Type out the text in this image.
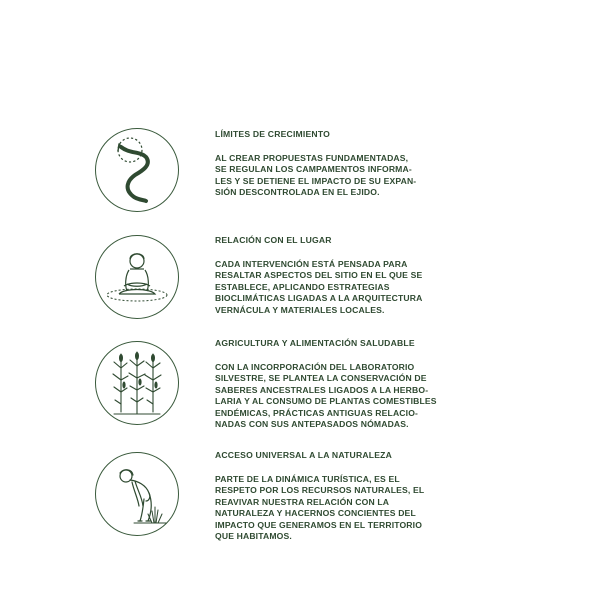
LÍMITES DE CRECIMIENTO

AL CREAR PROPUESTAS FUNDAMENTADAS,
SE REGULAN LOS CAMPAMENTOS INFORMA-
LES Y SE DETIENE EL IMPACTO DE SU EXPAN-
SIÓN DESCONTROLADA EN EL EJIDO.

RELACIÓN CON EL LUGAR

CADA INTERVENCIÓN ESTÁ PENSADA PARA
RESALTAR ASPECTOS DEL SITIO EN EL QUE SE
ESTABLECE, APLICANDO ESTRATEGIAS
BIOCLIMÁTICAS LIGADAS A LA ARQUITECTURA
VERNÁCULA Y MATERIALES LOCALES.

AGRICULTURA Y ALIMENTACIÓN SALUDABLE

CON LA INCORPORACIÓN DEL LABORATORIO
SILVESTRE, SE PLANTEA LA CONSERVACIÓN DE
SABERES ANCESTRALES LIGADOS A LA HERBO-
LARIA Y AL CONSUMO DE PLANTAS COMESTIBLES
ENDÉMICAS, PRÁCTICAS ANTIGUAS RELACIO-
NADAS CON SUS ANTEPASADOS NÓMADAS.

ACCESO UNIVERSAL A LA NATURALEZA

PARTE DE LA DINÁMICA TURÍSTICA, ES EL
RESPETO POR LOS RECURSOS NATURALES, EL
REAVIVAR NUESTRA RELACIÓN CON LA
NATURALEZA Y HACERNOS CONCIENTES DEL
IMPACTO QUE GENERAMOS EN EL TERRITORIO
QUE HABITAMOS.
